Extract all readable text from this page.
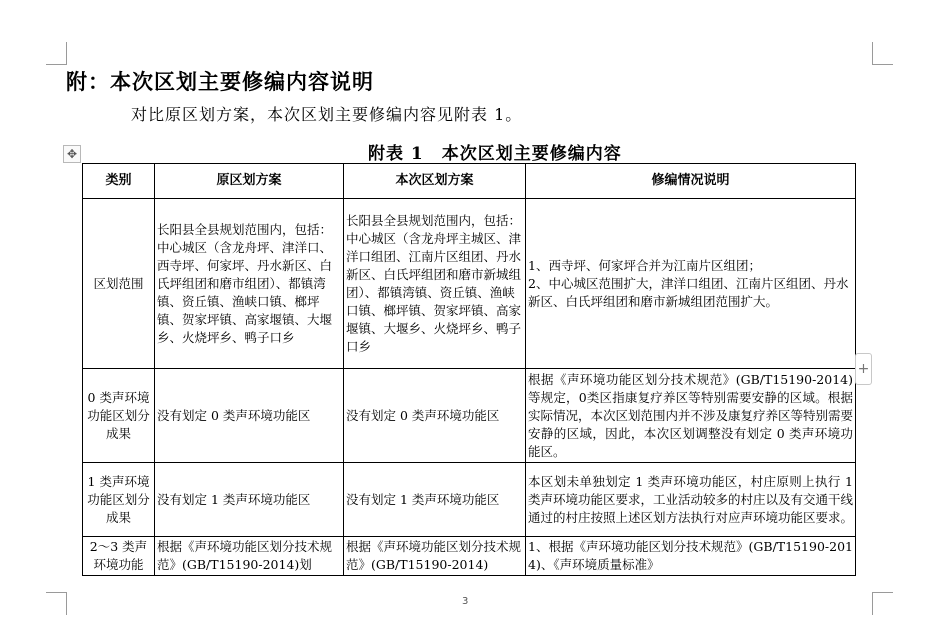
附：本次区划主要修编内容说明
对比原区划方案，本次区划主要修编内容见附表 1。
✥	附表 1　本次区划主要修编内容
类别	原区划方案	本次区划方案	修编情况说明
区划范围	长阳县全县规划范围内，包括：中心城区（含龙舟坪、津洋口、西寺坪、何家坪、丹水新区、白氏坪组团和磨市组团）、都镇湾镇、资丘镇、渔峡口镇、榔坪镇、贺家坪镇、高家堰镇、大堰乡、火烧坪乡、鸭子口乡	长阳县全县规划范围内，包括：中心城区（含龙舟坪主城区、津洋口组团、江南片区组团、丹水新区、白氏坪组团和磨市新城组团）、都镇湾镇、资丘镇、渔峡口镇、榔坪镇、贺家坪镇、高家堰镇、大堰乡、火烧坪乡、鸭子口乡	1、西寺坪、何家坪合并为江南片区组团；
2、中心城区范围扩大，津洋口组团、江南片区组团、丹水新区、白氏坪组团和磨市新城组团范围扩大。
0 类声环境功能区划分成果	没有划定 0 类声环境功能区	没有划定 0 类声环境功能区	根据《声环境功能区划分技术规范》(GB/T15190-2014)等规定，0类区指康复疗养区等特别需要安静的区域。根据实际情况，本次区划范围内并不涉及康复疗养区等特别需要安静的区域，因此，本次区划调整没有划定 0 类声环境功能区。
1 类声环境功能区划分成果	没有划定 1 类声环境功能区	没有划定 1 类声环境功能区	本区划未单独划定 1 类声环境功能区，村庄原则上执行 1 类声环境功能区要求，工业活动较多的村庄以及有交通干线通过的村庄按照上述区划方法执行对应声环境功能区要求。
2～3 类声环境功能	根据《声环境功能区划分技术规范》(GB/T15190-2014)划	根据《声环境功能区划分技术规范》(GB/T15190-2014)	1、根据《声环境功能区划分技术规范》(GB/T15190-2014)、《声环境质量标准》
+
3
